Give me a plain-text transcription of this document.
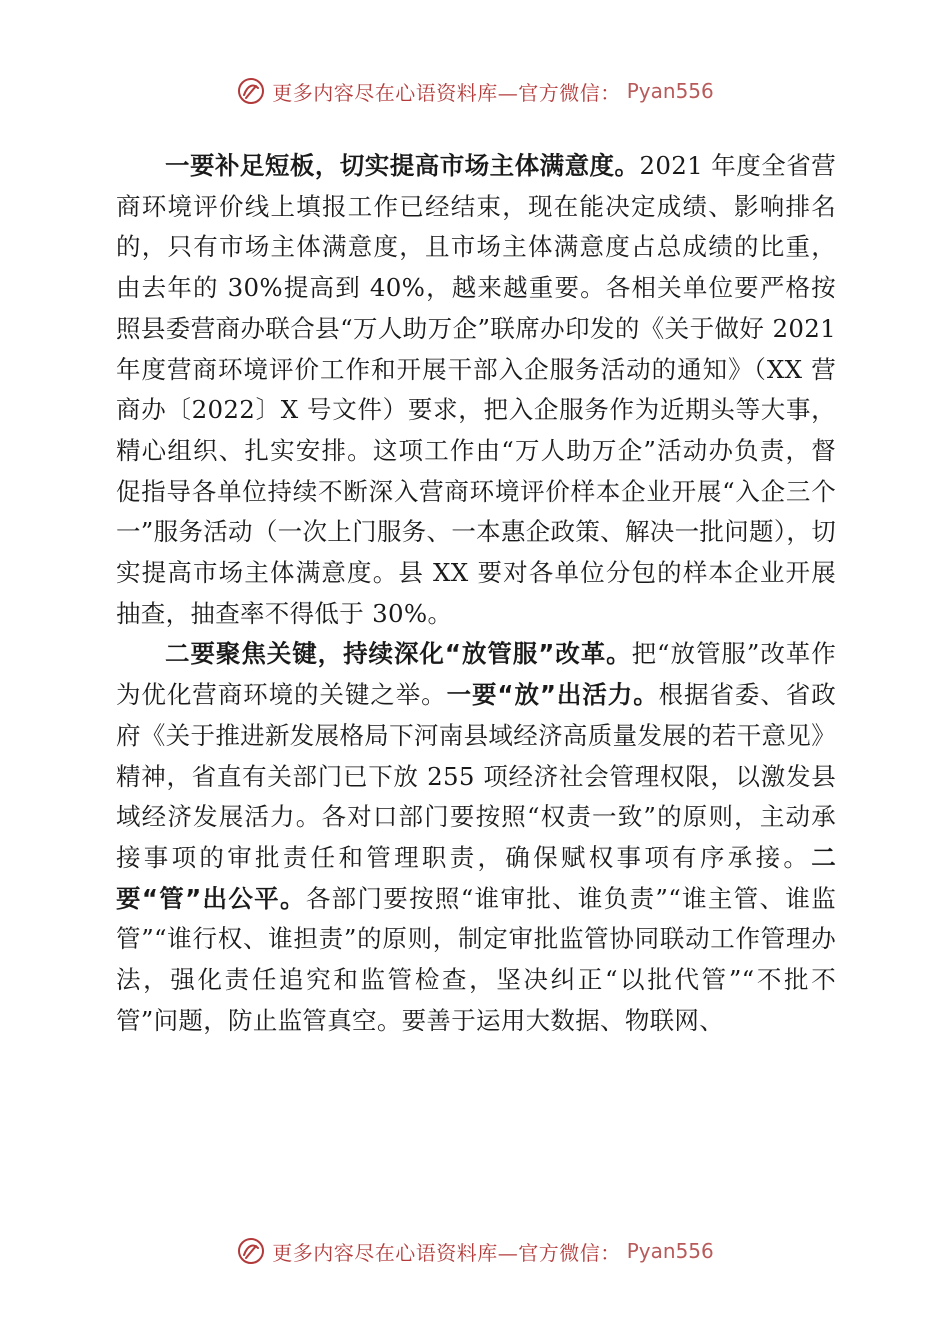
更多内容尽在心语资料库—官方微信： Pyan556

一要补足短板，切实提高市场主体满意度。2021 年度全省营商环境评价线上填报工作已经结束，现在能决定成绩、影响排名的，只有市场主体满意度，且市场主体满意度占总成绩的比重， 由去年的 30%提高到 40%，越来越重要。各相关单位要严格按照县委营商办联合县“万人助万企”联席办印发的《关于做好 2021 年度营商环境评价工作和开展干部入企服务活动的通知》（XX 营商办〔2022〕X 号文件）要求，把入企服务作为近期头等大事，精心组织、扎实安排。这项工作由“万人助万企”活动办负责，督促指导各单位持续不断深入营商环境评价样本企业开展“入企三个一”服务活动（一次上门服务、一本惠企政策、解决一批问题），切实提高市场主体满意度。县 XX 要对各单位分包的样本企业开展抽查，抽查率不得低于 30%。

二要聚焦关键，持续深化“放管服”改革。把“放管服”改革作为优化营商环境的关键之举。一要“放”出活力。根据省委、省政府《关于推进新发展格局下河南县域经济高质量发展的若干意见》精神，省直有关部门已下放 255 项经济社会管理权限，以激发县域经济发展活力。各对口部门要按照“权责一致”的原则，主动承接事项的审批责任和管理职责，确保赋权事项有序承接。二要“管”出公平。各部门要按照“谁审批、谁负责”“谁主管、谁监管”“谁行权、谁担责”的原则，制定审批监管协同联动工作管理办法，强化责任追究和监管检查，坚决纠正“以批代管”“不批不管”问题，防止监管真空。要善于运用大数据、物联网、

更多内容尽在心语资料库—官方微信： Pyan556
